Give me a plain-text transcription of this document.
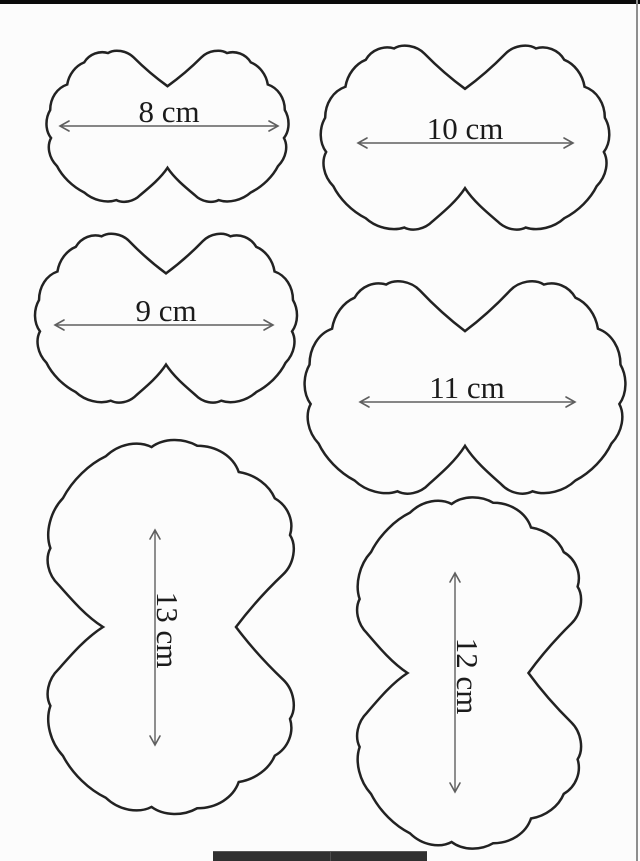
8 cm	10 cm
9 cm
11 cm
13 cm
12 cm
